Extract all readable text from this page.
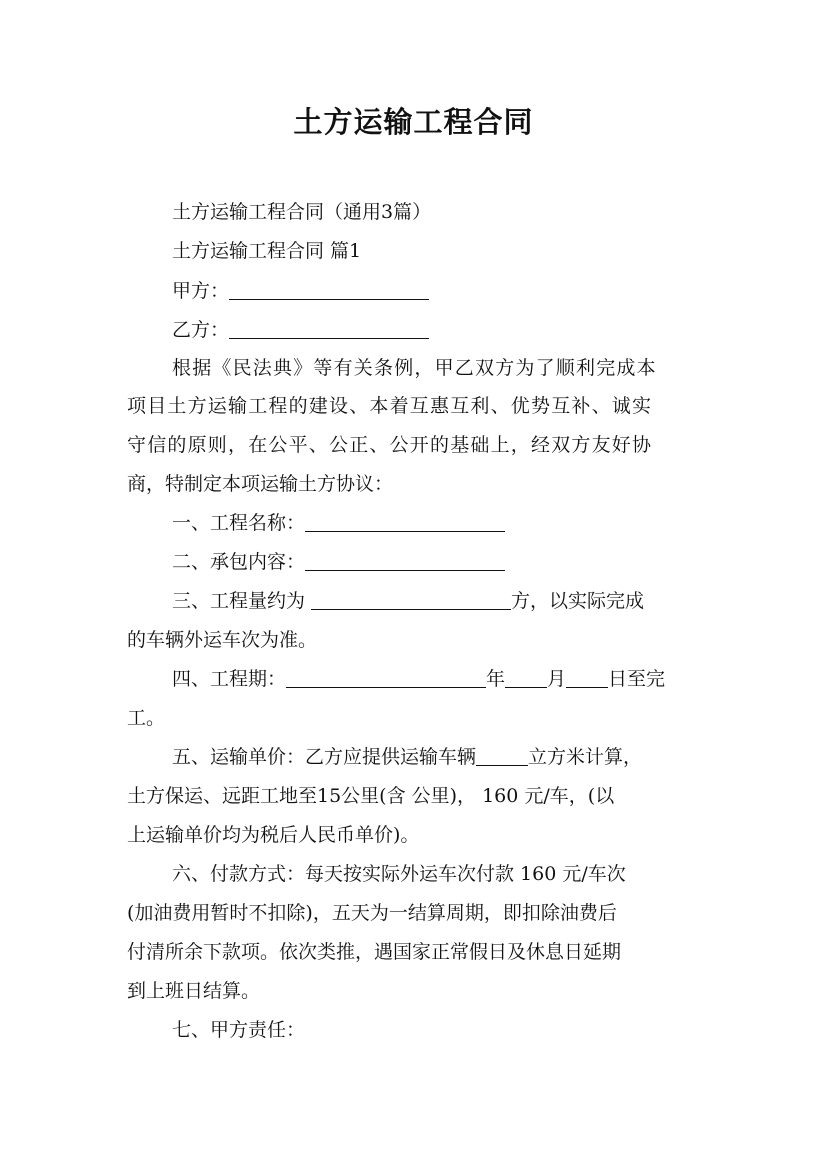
土方运输工程合同
土方运输工程合同（通用3篇）
土方运输工程合同 篇1
甲方：
乙方：
根据《民法典》等有关条例，甲乙双方为了顺利完成本
项目土方运输工程的建设、本着互惠互利、优势互补、诚实
守信的原则，在公平、公正、公开的基础上，经双方友好协
商，特制定本项运输土方协议：
一、工程名称：
二、承包内容：
三、工程量约为	方，以实际完成
的车辆外运车次为准。
四、工程期：	年 月 日至完
工。
五、运输单价：乙方应提供运输车辆	立方米计算，
土方保运、远距工地至15公里(含 公里)， 160 元/车，(以
上运输单价均为税后人民币单价)。
六、付款方式：每天按实际外运车次付款 160 元/车次
(加油费用暂时不扣除)，五天为一结算周期，即扣除油费后
付清所余下款项。依次类推，遇国家正常假日及休息日延期
到上班日结算。
七、甲方责任：
